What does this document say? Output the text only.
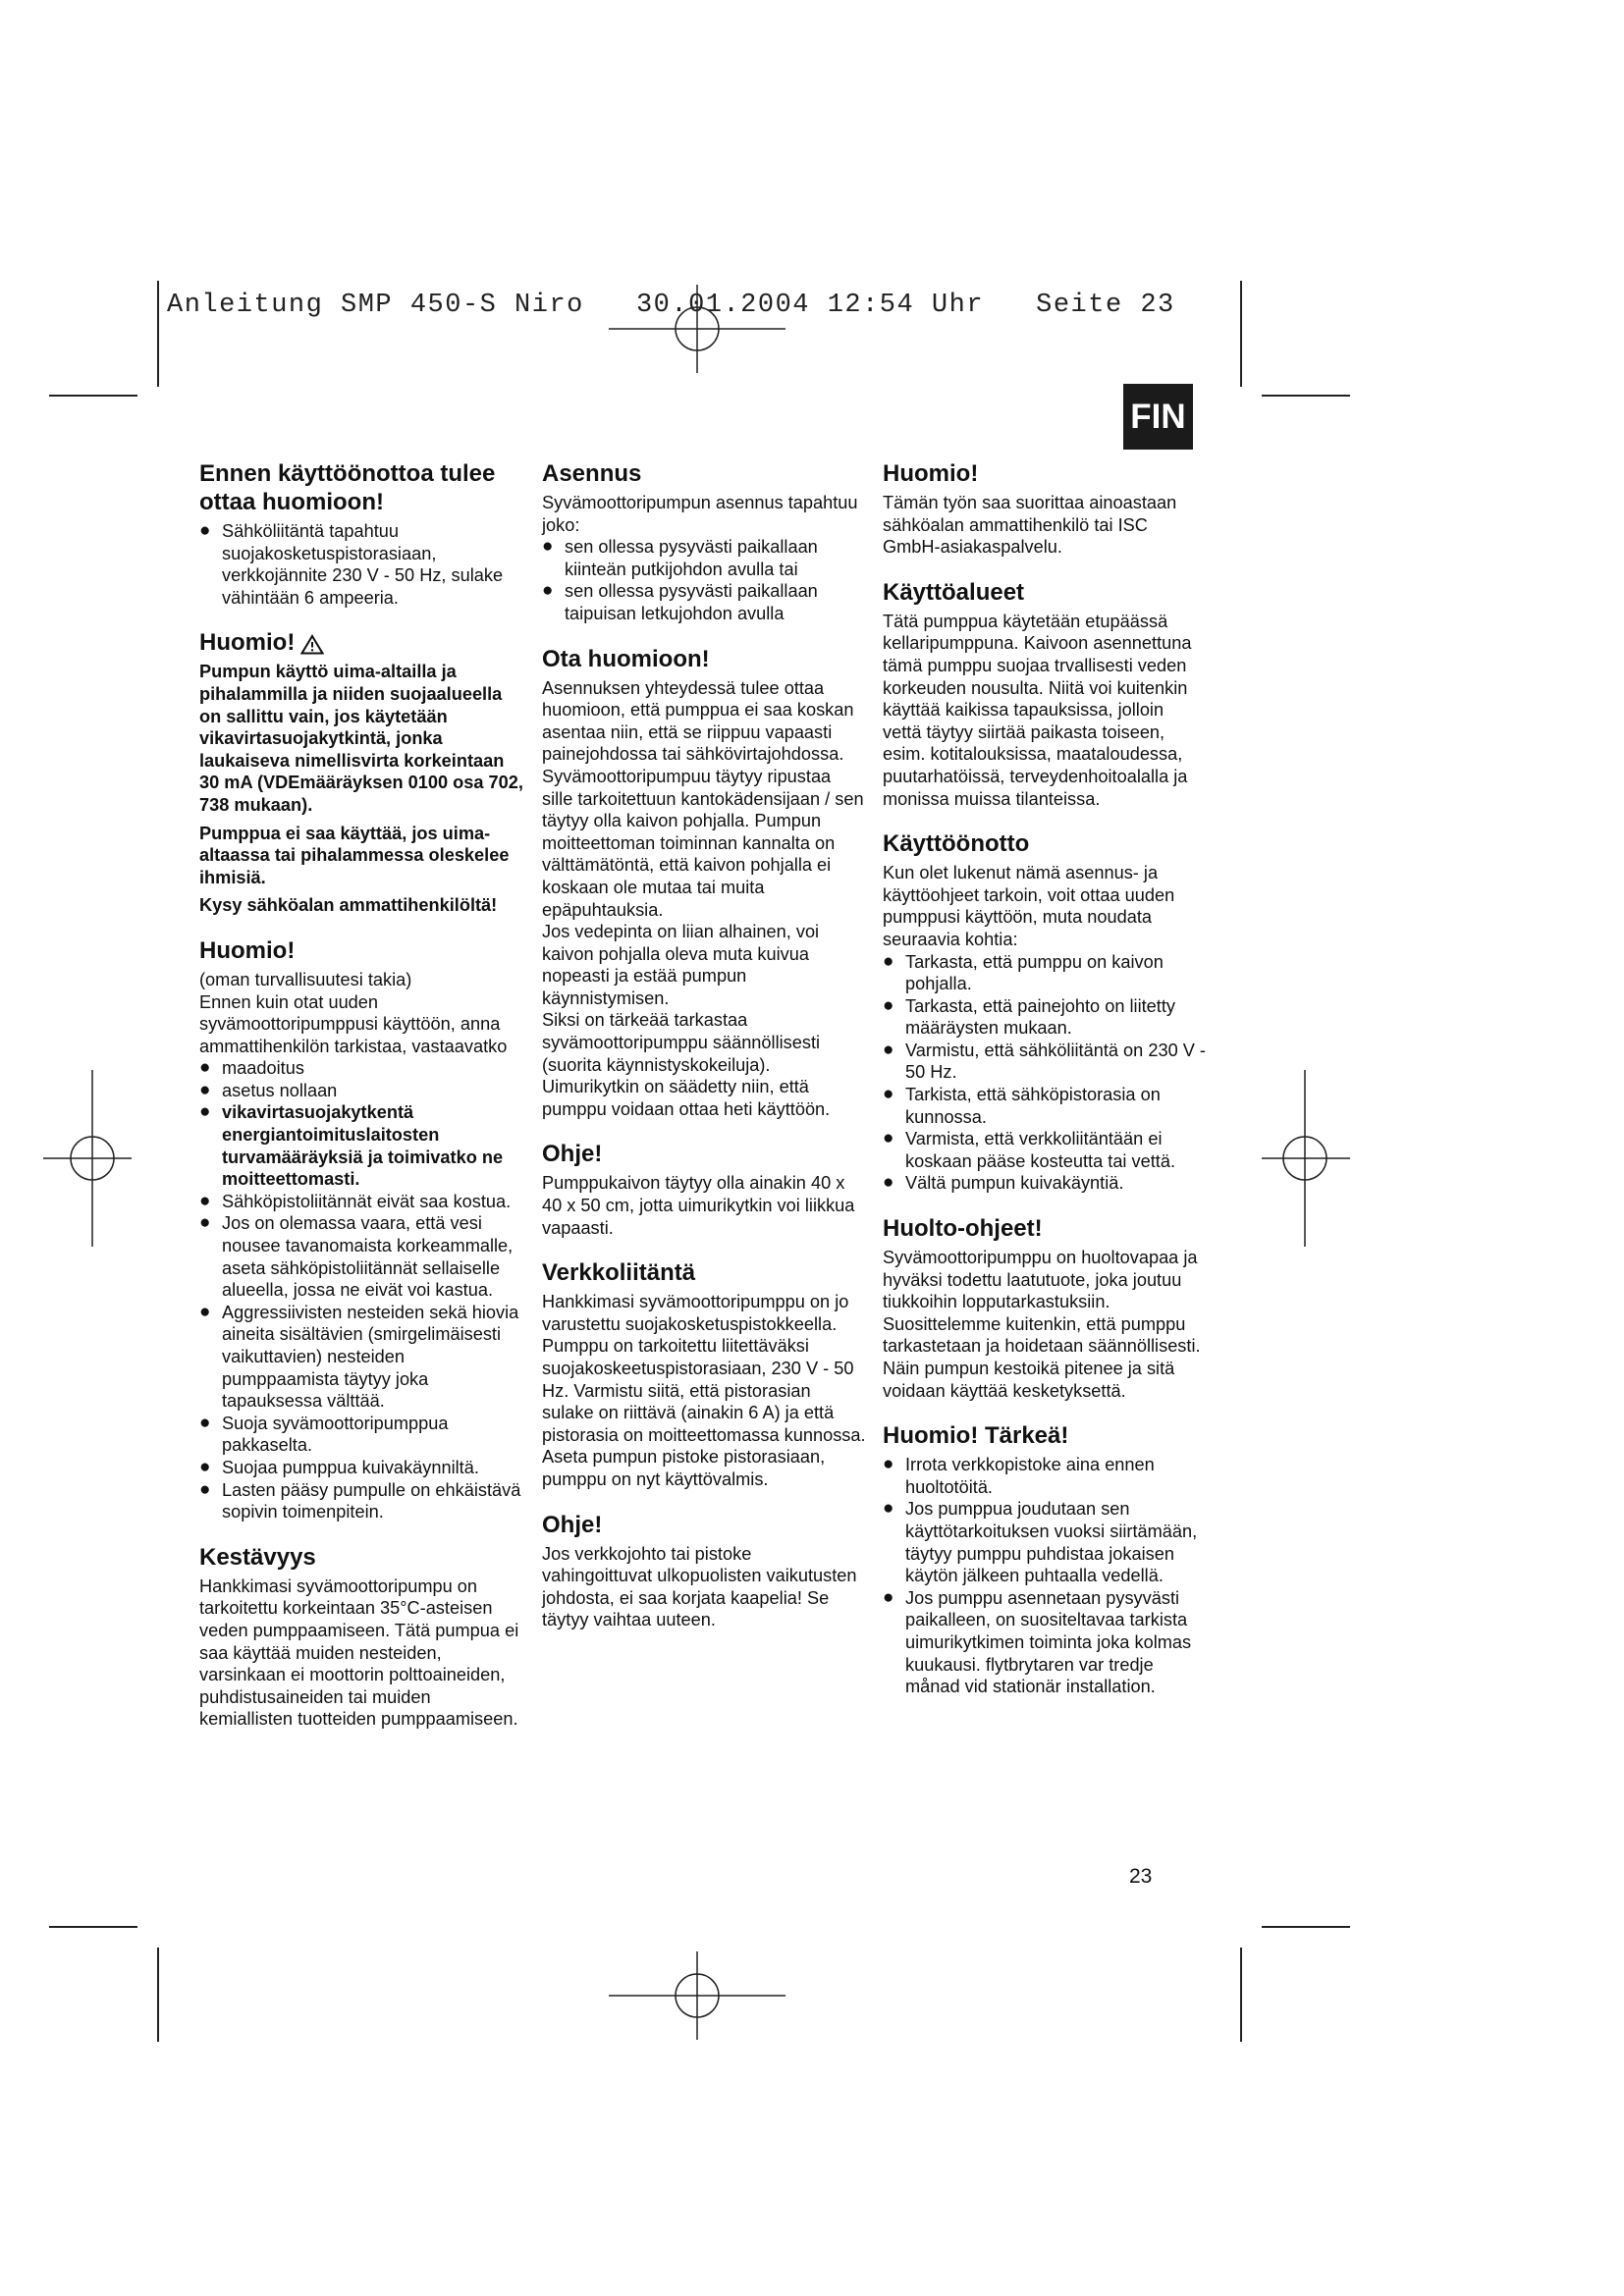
Anleitung SMP 450-S Niro   30.01.2004 12:54 Uhr   Seite 23
FIN
Ennen käyttöönottoa tulee ottaa huomioon!
● Sähköliitäntä tapahtuu suojakosketuspistorasiaan, verkkojännite 230 V - 50 Hz, sulake vähintään 6 ampeeria.
Huomio!

Pumpun käyttö uima-altailla ja pihalammilla ja niiden suojaalueella on sallittu vain, jos käytetään vikavirtasuojakytkintä, jonka laukaiseva nimellisvirta korkeintaan 30 mA (VDEmääräyksen 0100 osa 702, 738 mukaan).

Pumppua ei saa käyttää, jos uima-altaassa tai pihalammessa oleskelee ihmisiä.

Kysy sähköalan ammattihenkilöltä!

Huomio!

(oman turvallisuutesi takia)

Ennen kuin otat uuden syvämoottoripumppusi käyttöön, anna ammattihenkilön tarkistaa, vastaavatko

● maadoitus
● asetus nollaan
● vikavirtasuojakytkentä energiantoimituslaitosten turvamääräyksiä ja toimivatko ne moitteettomasti.
● Sähköpistoliitännät eivät saa kostua.
● Jos on olemassa vaara, että vesi nousee tavanomaista korkeammalle, aseta sähköpistoliitännät sellaiselle alueella, jossa ne eivät voi kastua.
● Aggressiivisten nesteiden sekä hiovia aineita sisältävien (smirgelimäisesti vaikuttavien) nesteiden pumppaamista täytyy joka tapauksessa välttää.
● Suoja syvämoottoripumppua pakkaselta.
● Suojaa pumppua kuivakäynniltä.
● Lasten pääsy pumpulle on ehkäistävä sopivin toimenpitein.
Kestävyys

Hankkimasi syvämoottoripumpu on tarkoitettu korkeintaan 35°C-asteisen veden pumppaamiseen. Tätä pumpua ei saa käyttää muiden nesteiden, varsinkaan ei moottorin polttoaineiden, puhdistusaineiden tai muiden kemiallisten tuotteiden pumppaamiseen.

Asennus

Syvämoottoripumpun asennus tapahtuu joko:

● sen ollessa pysyvästi paikallaan kiinteän putkijohdon avulla tai
● sen ollessa pysyvästi paikallaan taipuisan letkujohdon avulla
Ota huomioon!

Asennuksen yhteydessä tulee ottaa huomioon, että pumppua ei saa koskan asentaa niin, että se riippuu vapaasti painejohdossa tai sähkövirtajohdossa. Syvämoottoripumpuu täytyy ripustaa sille tarkoitettuun kantokädensijaan / sen täytyy olla kaivon pohjalla. Pumpun moitteettoman toiminnan kannalta on välttämätöntä, että kaivon pohjalla ei koskaan ole mutaa tai muita epäpuhtauksia.

Jos vedepinta on liian alhainen, voi kaivon pohjalla oleva muta kuivua nopeasti ja estää pumpun käynnistymisen.

Siksi on tärkeää tarkastaa syvämoottoripumppu säännöllisesti (suorita käynnistyskokeiluja).

Uimurikytkin on säädetty niin, että pumppu voidaan ottaa heti käyttöön.

Ohje!

Pumppukaivon täytyy olla ainakin 40 x 40 x 50 cm, jotta uimurikytkin voi liikkua vapaasti.

Verkkoliitäntä

Hankkimasi syvämoottoripumppu on jo varustettu suojakosketuspistokkeella. Pumppu on tarkoitettu liitettäväksi suojakoskeetuspistorasiaan, 230 V - 50 Hz. Varmistu siitä, että pistorasian sulake on riittävä (ainakin 6 A) ja että pistorasia on moitteettomassa kunnossa.

Aseta pumpun pistoke pistorasiaan, pumppu on nyt käyttövalmis.

Ohje!

Jos verkkojohto tai pistoke vahingoittuvat ulkopuolisten vaikutusten johdosta, ei saa korjata kaapelia! Se täytyy vaihtaa uuteen.

Huomio!

Tämän työn saa suorittaa ainoastaan sähköalan ammattihenkilö tai ISC GmbH-asiakaspalvelu.

Käyttöalueet

Tätä pumppua käytetään etupäässä kellaripumppuna. Kaivoon asennettuna tämä pumppu suojaa trvallisesti veden korkeuden nousulta. Niitä voi kuitenkin käyttää kaikissa tapauksissa, jolloin vettä täytyy siirtää paikasta toiseen, esim. kotitalouksissa, maataloudessa, puutarhatöissä, terveydenhoitoalalla ja monissa muissa tilanteissa.

Käyttöönotto

Kun olet lukenut nämä asennus- ja käyttöohjeet tarkoin, voit ottaa uuden pumppusi käyttöön, muta noudata seuraavia kohtia:

● Tarkasta, että pumppu on kaivon pohjalla.
● Tarkasta, että painejohto on liitetty määräysten mukaan.
● Varmistu, että sähköliitäntä on 230 V - 50 Hz.
● Tarkista, että sähköpistorasia on kunnossa.
● Varmista, että verkkoliitäntään ei koskaan pääse kosteutta tai vettä.
● Vältä pumpun kuivakäyntiä.
Huolto-ohjeet!

Syvämoottoripumppu on huoltovapaa ja hyväksi todettu laatutuote, joka joutuu tiukkoihin lopputarkastuksiin.

Suosittelemme kuitenkin, että pumppu tarkastetaan ja hoidetaan säännöllisesti. Näin pumpun kestoikä pitenee ja sitä voidaan käyttää kesketyksettä.

Huomio! Tärkeä!
● Irrota verkkopistoke aina ennen huoltotöitä.
● Jos pumppua joudutaan sen käyttötarkoituksen vuoksi siirtämään, täytyy pumppu puhdistaa jokaisen käytön jälkeen puhtaalla vedellä.
● Jos pumppu asennetaan pysyvästi paikalleen, on suositeltavaa tarkista uimurikytkimen toiminta joka kolmas kuukausi. flytbrytaren var tredje månad vid stationär installation.
23
